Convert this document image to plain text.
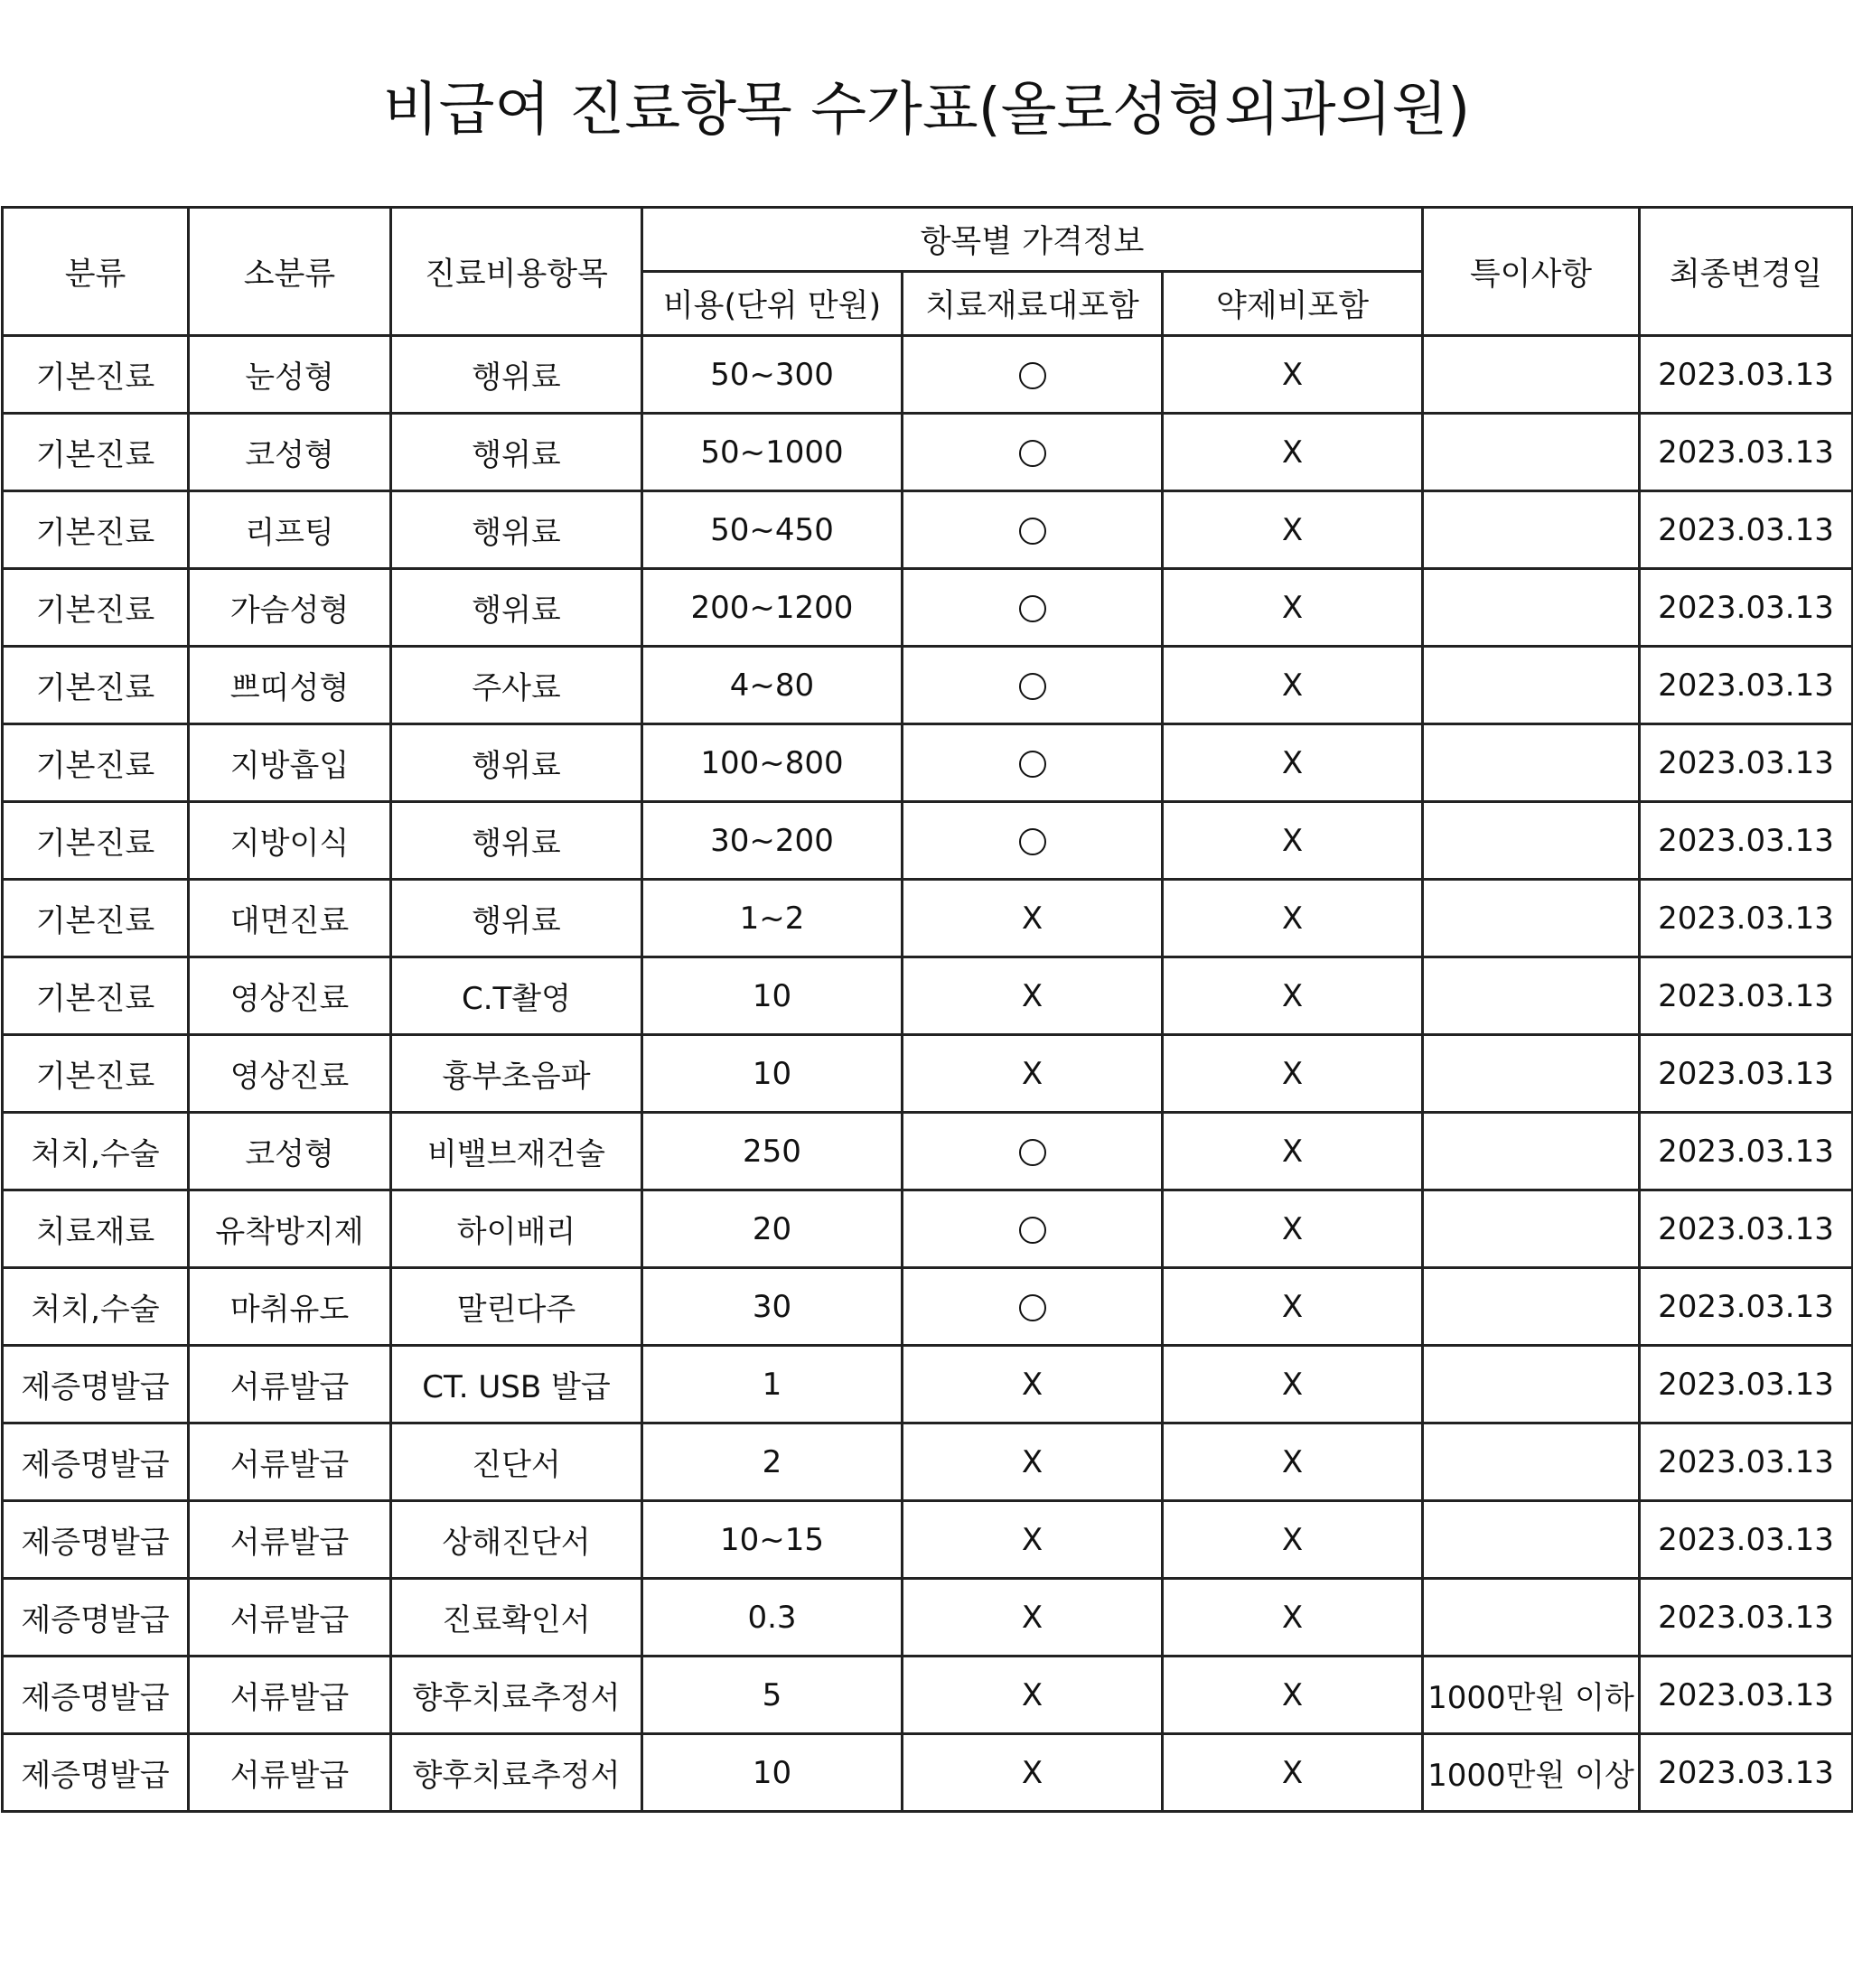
비급여 진료항목 수가표(올로성형외과의원)
분류	소분류	진료비용항목	항목별 가격정보			특이사항	최종변경일
			비용(단위 만원)	치료재료대포함	약제비포함		
기본진료	눈성형	행위료	50~300		X		2023.03.13
기본진료	코성형	행위료	50~1000		X		2023.03.13
기본진료	리프팅	행위료	50~450		X		2023.03.13
기본진료	가슴성형	행위료	200~1200		X		2023.03.13
기본진료	쁘띠성형	주사료	4~80		X		2023.03.13
기본진료	지방흡입	행위료	100~800		X		2023.03.13
기본진료	지방이식	행위료	30~200		X		2023.03.13
기본진료	대면진료	행위료	1~2	X	X		2023.03.13
기본진료	영상진료	C.T촬영	10	X	X		2023.03.13
기본진료	영상진료	흉부초음파	10	X	X		2023.03.13
처치,수술	코성형	비밸브재건술	250		X		2023.03.13
치료재료	유착방지제	하이배리	20		X		2023.03.13
처치,수술	마취유도	말린다주	30		X		2023.03.13
제증명발급	서류발급	CT. USB 발급	1	X	X		2023.03.13
제증명발급	서류발급	진단서	2	X	X		2023.03.13
제증명발급	서류발급	상해진단서	10~15	X	X		2023.03.13
제증명발급	서류발급	진료확인서	0.3	X	X		2023.03.13
제증명발급	서류발급	향후치료추정서	5	X	X	1000만원 이하	2023.03.13
제증명발급	서류발급	향후치료추정서	10	X	X	1000만원 이상	2023.03.13
